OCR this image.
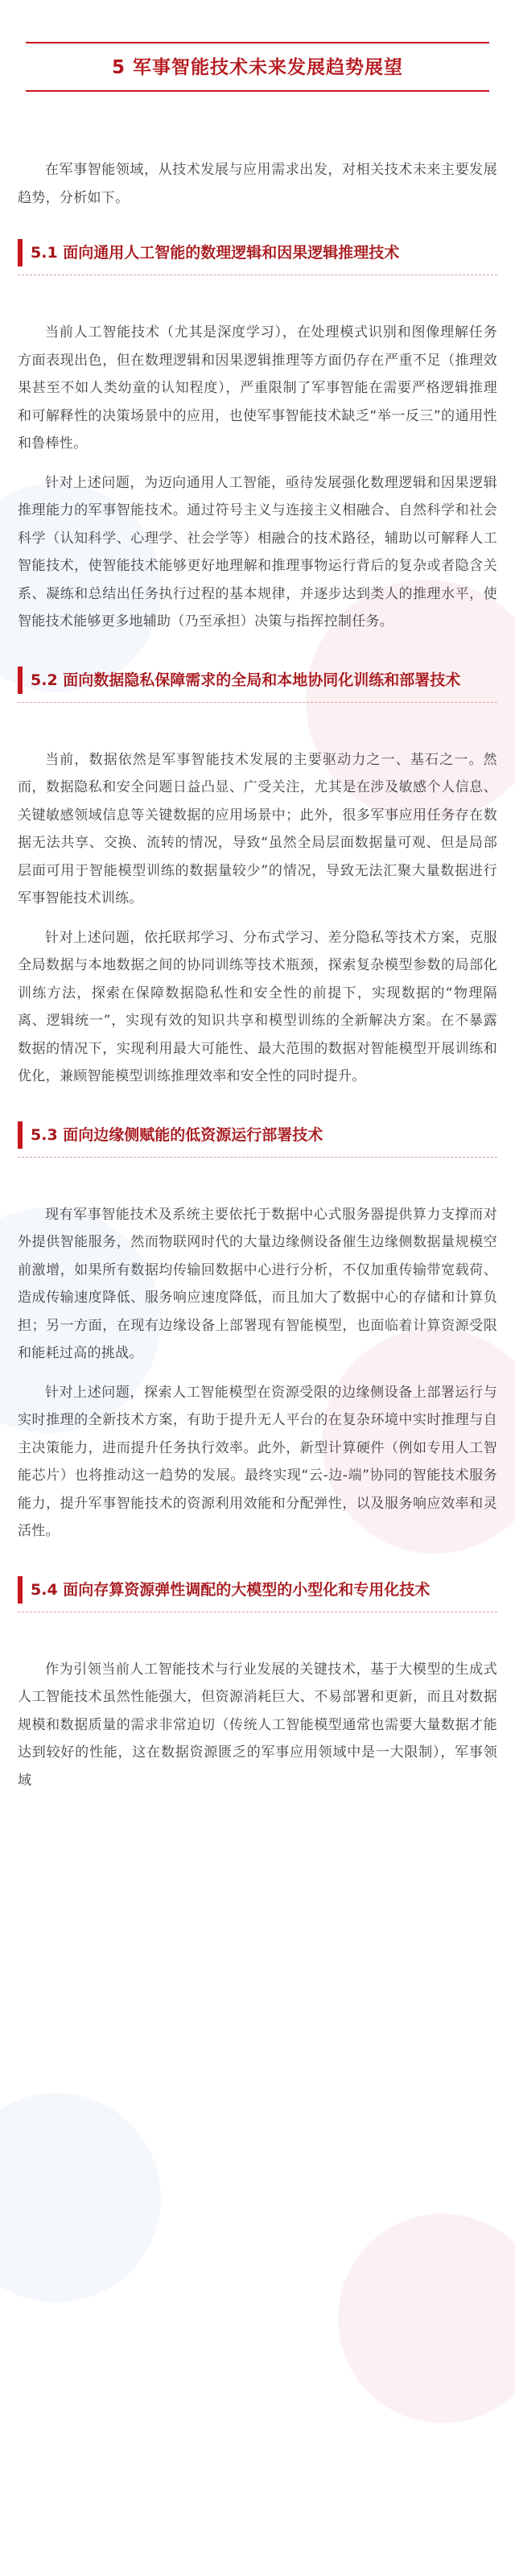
5 军事智能技术未来发展趋势展望

在军事智能领域，从技术发展与应用需求出发，对相关技术未来主要发展趋势，分析如下。

5.1 面向通用人工智能的数理逻辑和因果逻辑推理技术

当前人工智能技术（尤其是深度学习），在处理模式识别和图像理解任务方面表现出色，但在数理逻辑和因果逻辑推理等方面仍存在严重不足（推理效果甚至不如人类幼童的认知程度），严重限制了军事智能在需要严格逻辑推理和可解释性的决策场景中的应用，也使军事智能技术缺乏“举一反三”的通用性和鲁棒性。

针对上述问题，为迈向通用人工智能，亟待发展强化数理逻辑和因果逻辑推理能力的军事智能技术。通过符号主义与连接主义相融合、自然科学和社会科学（认知科学、心理学、社会学等）相融合的技术路径，辅助以可解释人工智能技术，使智能技术能够更好地理解和推理事物运行背后的复杂或者隐含关系、凝练和总结出任务执行过程的基本规律，并逐步达到类人的推理水平，使智能技术能够更多地辅助（乃至承担）决策与指挥控制任务。

5.2 面向数据隐私保障需求的全局和本地协同化训练和部署技术

当前，数据依然是军事智能技术发展的主要驱动力之一、基石之一。然而，数据隐私和安全问题日益凸显、广受关注，尤其是在涉及敏感个人信息、关键敏感领域信息等关键数据的应用场景中；此外，很多军事应用任务存在数据无法共享、交换、流转的情况，导致“虽然全局层面数据量可观、但是局部层面可用于智能模型训练的数据量较少”的情况，导致无法汇聚大量数据进行军事智能技术训练。

针对上述问题，依托联邦学习、分布式学习、差分隐私等技术方案，克服全局数据与本地数据之间的协同训练等技术瓶颈，探索复杂模型参数的局部化训练方法，探索在保障数据隐私性和安全性的前提下，实现数据的“物理隔离、逻辑统一”，实现有效的知识共享和模型训练的全新解决方案。在不暴露数据的情况下，实现利用最大可能性、最大范围的数据对智能模型开展训练和优化，兼顾智能模型训练推理效率和安全性的同时提升。

5.3 面向边缘侧赋能的低资源运行部署技术

现有军事智能技术及系统主要依托于数据中心式服务器提供算力支撑而对外提供智能服务，然而物联网时代的大量边缘侧设备催生边缘侧数据量规模空前激增，如果所有数据均传输回数据中心进行分析，不仅加重传输带宽载荷、造成传输速度降低、服务响应速度降低，而且加大了数据中心的存储和计算负担；另一方面，在现有边缘设备上部署现有智能模型，也面临着计算资源受限和能耗过高的挑战。

针对上述问题，探索人工智能模型在资源受限的边缘侧设备上部署运行与实时推理的全新技术方案，有助于提升无人平台的在复杂环境中实时推理与自主决策能力，进而提升任务执行效率。此外，新型计算硬件（例如专用人工智能芯片）也将推动这一趋势的发展。最终实现“云-边-端”协同的智能技术服务能力，提升军事智能技术的资源利用效能和分配弹性，以及服务响应效率和灵活性。

5.4 面向存算资源弹性调配的大模型的小型化和专用化技术

作为引领当前人工智能技术与行业发展的关键技术，基于大模型的生成式人工智能技术虽然性能强大，但资源消耗巨大、不易部署和更新，而且对数据规模和数据质量的需求非常迫切（传统人工智能模型通常也需要大量数据才能达到较好的性能，这在数据资源匮乏的军事应用领域中是一大限制），军事领域
